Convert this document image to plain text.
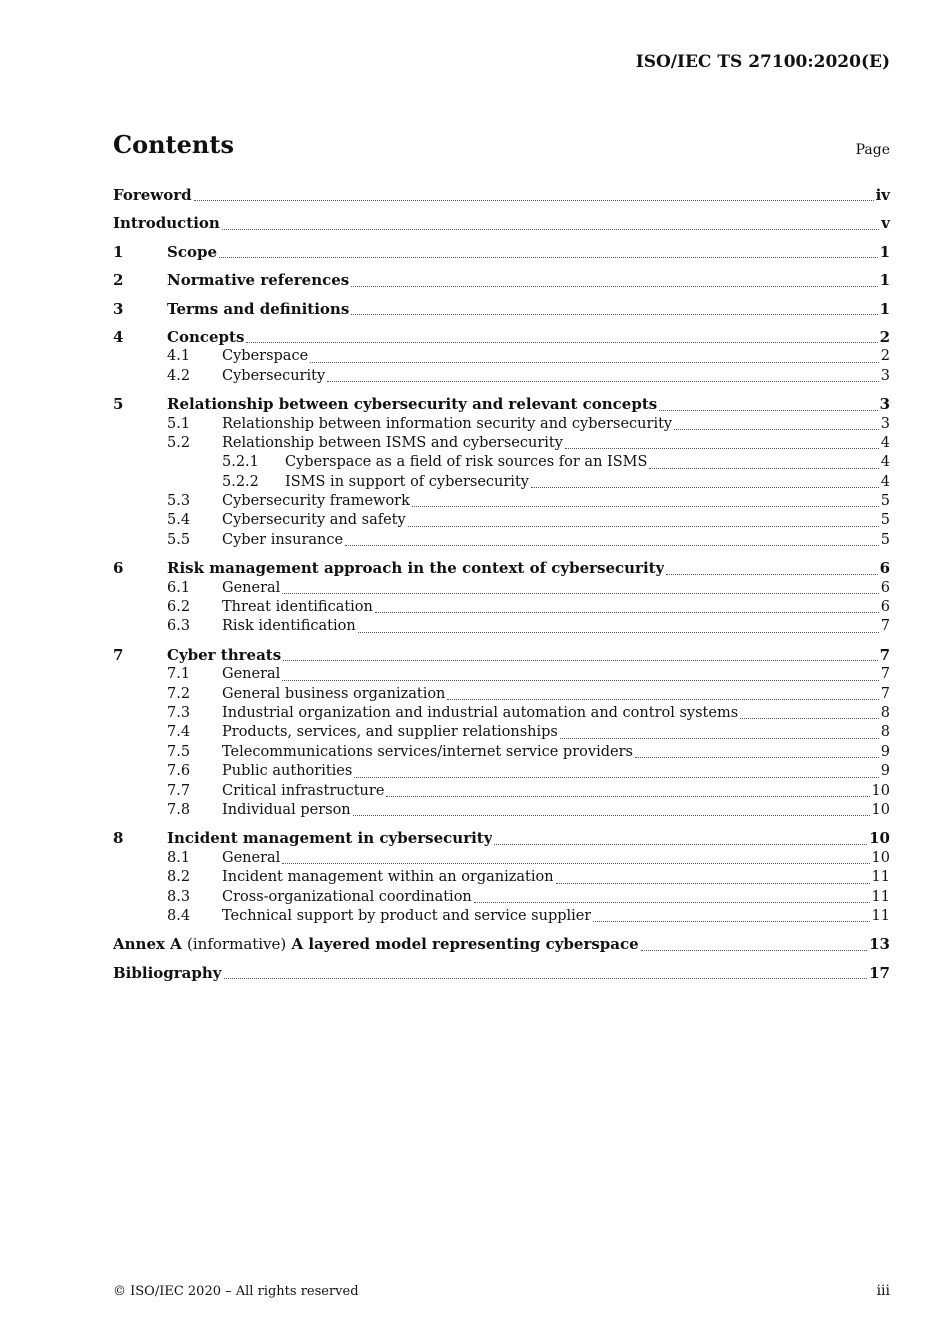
ISO/IEC TS 27100:2020(E)
Contents	Page
Foreword	iv
Introduction	v
1	Scope	1
2	Normative references	1
3	Terms and definitions	1
4	Concepts	2
4.1	Cyberspace	2
4.2	Cybersecurity	3
5	Relationship between cybersecurity and relevant concepts	3
5.1	Relationship between information security and cybersecurity	3
5.2	Relationship between ISMS and cybersecurity	4
5.2.1	Cyberspace as a field of risk sources for an ISMS	4
5.2.2	ISMS in support of cybersecurity	4
5.3	Cybersecurity framework	5
5.4	Cybersecurity and safety	5
5.5	Cyber insurance	5
6	Risk management approach in the context of cybersecurity	6
6.1	General	6
6.2	Threat identification	6
6.3	Risk identification	7
7	Cyber threats	7
7.1	General	7
7.2	General business organization	7
7.3	Industrial organization and industrial automation and control systems	8
7.4	Products, services, and supplier relationships	8
7.5	Telecommunications services/internet service providers	9
7.6	Public authorities	9
7.7	Critical infrastructure	10
7.8	Individual person	10
8	Incident management in cybersecurity	10
8.1	General	10
8.2	Incident management within an organization	11
8.3	Cross-organizational coordination	11
8.4	Technical support by product and service supplier	11
Annex A (informative) A layered model representing cyberspace	13
Bibliography	17
© ISO/IEC 2020 – All rights reserved	iii
